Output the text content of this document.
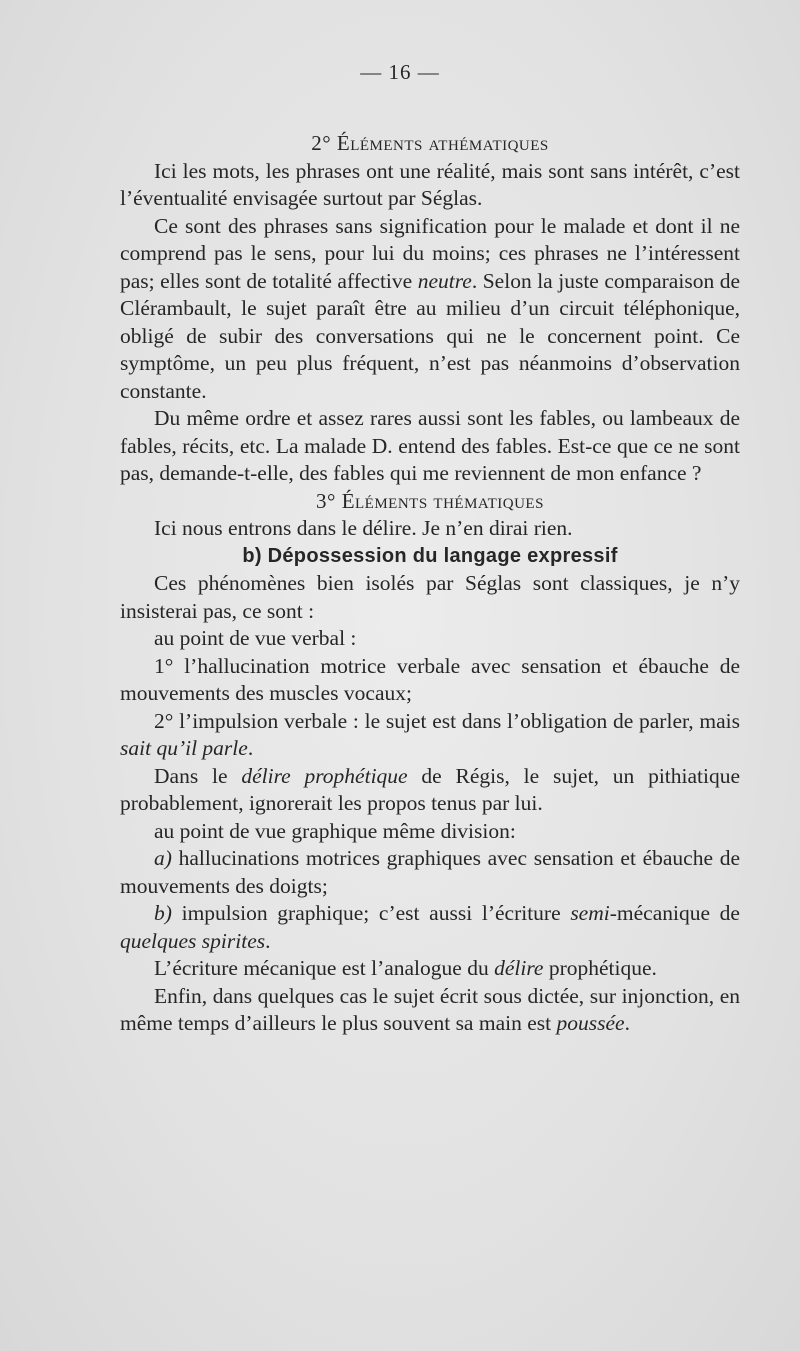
— 16 —

2° Éléments athématiques

Ici les mots, les phrases ont une réalité, mais sont sans intérêt, c’est l’éventualité envisagée surtout par Séglas.

Ce sont des phrases sans signification pour le malade et dont il ne comprend pas le sens, pour lui du moins; ces phrases ne l’intéressent pas; elles sont de totalité affective neutre. Selon la juste comparaison de Clérambault, le sujet paraît être au milieu d’un circuit téléphonique, obligé de subir des conversations qui ne le concernent point. Ce symptôme, un peu plus fréquent, n’est pas néanmoins d’observation constante.

Du même ordre et assez rares aussi sont les fables, ou lambeaux de fables, récits, etc. La malade D. entend des fables. Est-ce que ce ne sont pas, demande-t-elle, des fables qui me reviennent de mon enfance ?

3° Éléments thématiques

Ici nous entrons dans le délire. Je n’en dirai rien.

b) Dépossession du langage expressif

Ces phénomènes bien isolés par Séglas sont classiques, je n’y insisterai pas, ce sont :

au point de vue verbal :

1° l’hallucination motrice verbale avec sensation et ébauche de mouvements des muscles vocaux;

2° l’impulsion verbale : le sujet est dans l’obligation de parler, mais sait qu’il parle.

Dans le délire prophétique de Régis, le sujet, un pithiatique probablement, ignorerait les propos tenus par lui.

au point de vue graphique même division:

a) hallucinations motrices graphiques avec sensation et ébauche de mouvements des doigts;

b) impulsion graphique; c’est aussi l’écriture semi-mécanique de quelques spirites.

L’écriture mécanique est l’analogue du délire prophétique.

Enfin, dans quelques cas le sujet écrit sous dictée, sur injonction, en même temps d’ailleurs le plus souvent sa main est poussée.
